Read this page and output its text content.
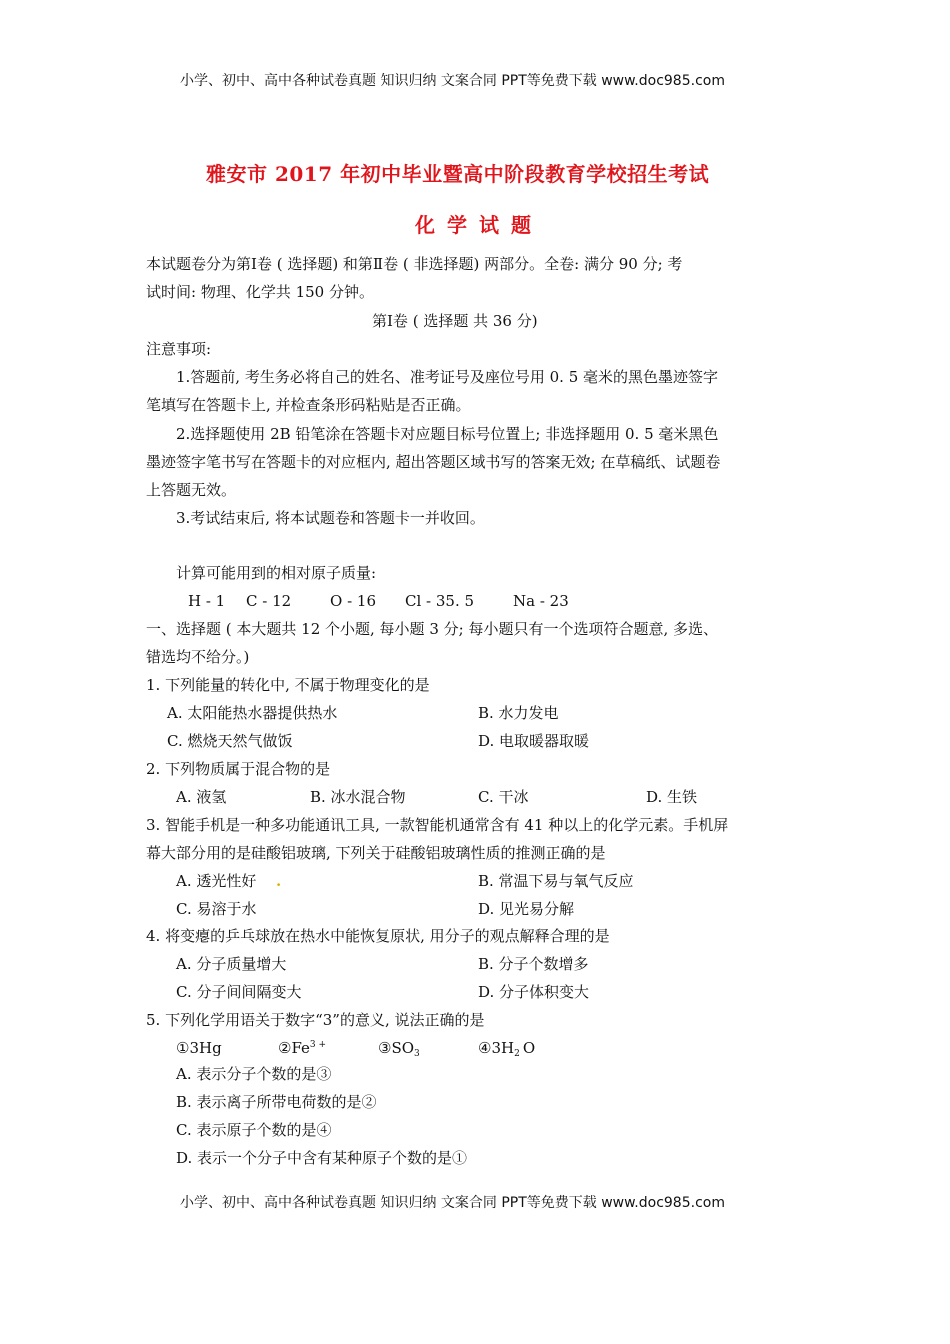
小学、初中、高中各种试卷真题 知识归纳 文案合同 PPT等免费下载 www.doc985.com
雅安市 2017 年初中毕业暨高中阶段教育学校招生考试
化学试题
本试题卷分为第Ⅰ卷 ( 选择题) 和第Ⅱ卷 ( 非选择题) 两部分。全卷: 满分 90 分; 考
试时间: 物理、化学共 150 分钟。
第Ⅰ卷 ( 选择题 共 36 分)
注意事项:
1.答题前, 考生务必将自己的姓名、准考证号及座位号用 0. 5 毫米的黑色墨迹签字
笔填写在答题卡上, 并检查条形码粘贴是否正确。
2.选择题使用 2B 铅笔涂在答题卡对应题目标号位置上; 非选择题用 0. 5 毫米黑色
墨迹签字笔书写在答题卡的对应框内, 超出答题区域书写的答案无效; 在草稿纸、试题卷
上答题无效。
3.考试结束后, 将本试题卷和答题卡一并收回。
计算可能用到的相对原子质量:
H - 1 C - 12	O - 16 Cl - 35. 5	Na - 23
一、选择题 ( 本大题共 12 个小题, 每小题 3 分; 每小题只有一个选项符合题意, 多选、
错选均不给分。)
1. 下列能量的转化中, 不属于物理变化的是
A. 太阳能热水器提供热水	B. 水力发电
C. 燃烧天然气做饭	D. 电取暖器取暖
2. 下列物质属于混合物的是
A. 液氢	B. 冰水混合物	C. 干冰	D. 生铁
3. 智能手机是一种多功能通讯工具, 一款智能机通常含有 41 种以上的化学元素。手机屏
幕大部分用的是硅酸铝玻璃, 下列关于硅酸铝玻璃性质的推测正确的是
A. 透光性好 .	B. 常温下易与氧气反应
C. 易溶于水	D. 见光易分解
4. 将变瘪的乒乓球放在热水中能恢复原状, 用分子的观点解释合理的是
A. 分子质量增大	B. 分子个数增多
C. 分子间间隔变大	D. 分子体积变大
5. 下列化学用语关于数字“3”的意义, 说法正确的是
①3Hg	$②Fe^{3 +}$	$③SO_3$	$④3H_2$ O
A. 表示分子个数的是③
B. 表示离子所带电荷数的是②
C. 表示原子个数的是④
D. 表示一个分子中含有某种原子个数的是①
小学、初中、高中各种试卷真题 知识归纳 文案合同 PPT等免费下载 www.doc985.com
